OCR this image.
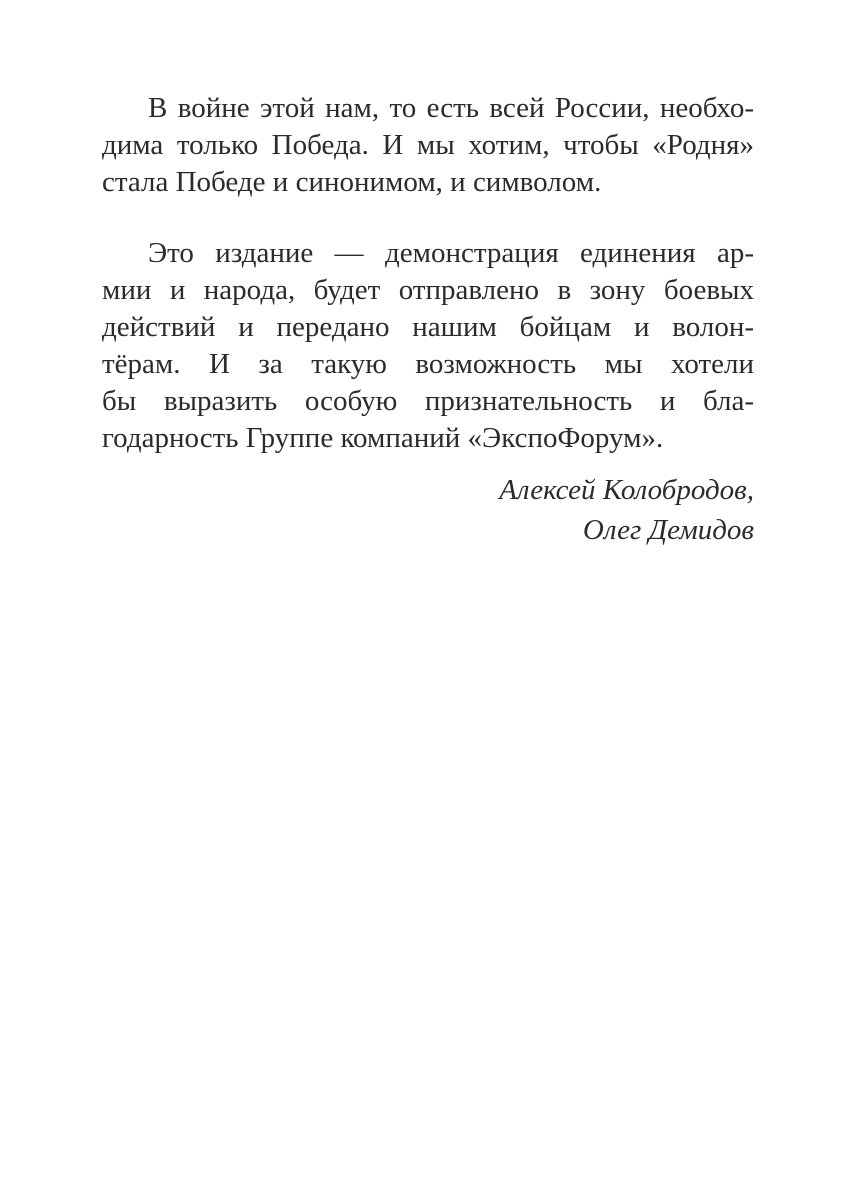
В войне этой нам, то есть всей России, необхо-
дима только Победа. И мы хотим, чтобы «Родня»
стала Победе и синонимом, и символом.
Это издание — демонстрация единения ар-
мии и народа, будет отправлено в зону боевых
действий и передано нашим бойцам и волон-
тёрам. И за такую возможность мы хотели
бы выразить особую признательность и бла-
годарность Группе компаний «ЭкспоФорум».
Алексей Колобродов,
Олег Демидов
